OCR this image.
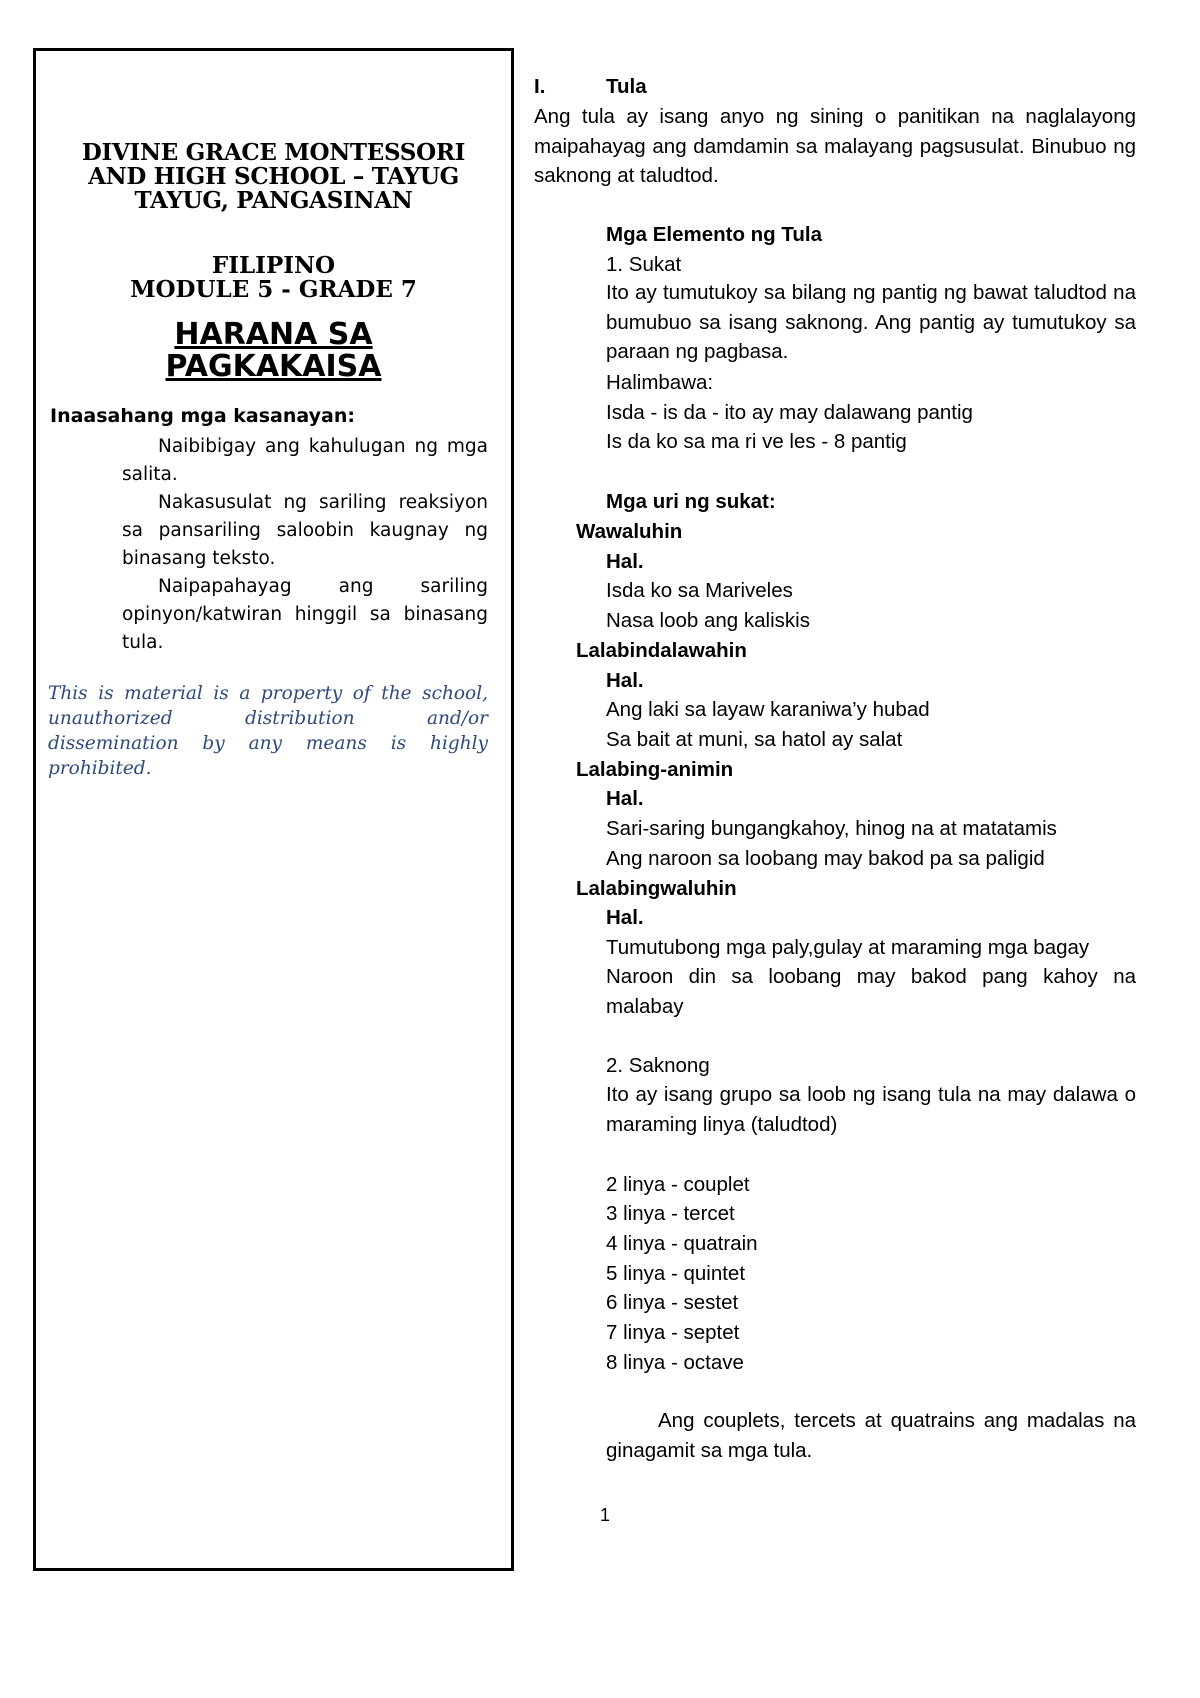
DIVINE GRACE MONTESSORI
AND HIGH SCHOOL – TAYUG
TAYUG, PANGASINAN
FILIPINO
MODULE 5 - GRADE 7
HARANA SA
PAGKAKAISA
Inaasahang mga kasanayan:

Naibibigay ang kahulugan ng mga salita.

Nakasusulat ng sariling reaksiyon sa pansariling saloobin kaugnay ng binasang teksto.

Naipapahayag ang sariling opinyon/katwiran hinggil sa binasang tula.

This is material is a property of the school, unauthorized distribution and/or dissemination by any means is highly prohibited.
I.	Tula
Ang tula ay isang anyo ng sining o panitikan na naglalayong maipahayag ang damdamin sa malayang pagsusulat. Binubuo ng saknong at taludtod.
Mga Elemento ng Tula
1. Sukat
Ito ay tumutukoy sa bilang ng pantig ng bawat taludtod na bumubuo sa isang saknong. Ang pantig ay tumutukoy sa paraan ng pagbasa.
Halimbawa:
Isda - is da - ito ay may dalawang pantig
Is da ko sa ma ri ve les - 8 pantig
Mga uri ng sukat:
Wawaluhin
Hal.
Isda ko sa Mariveles
Nasa loob ang kaliskis
Lalabindalawahin
Hal.
Ang laki sa layaw karaniwa’y hubad
Sa bait at muni, sa hatol ay salat
Lalabing-animin
Hal.
Sari-saring bungangkahoy, hinog na at matatamis
Ang naroon sa loobang may bakod pa sa paligid
Lalabingwaluhin
Hal.
Tumutubong mga paly,gulay at maraming mga bagay
Naroon din sa loobang may bakod pang kahoy na malabay
2. Saknong
Ito ay isang grupo sa loob ng isang tula na may dalawa o maraming linya (taludtod)
2 linya - couplet
3 linya - tercet
4 linya - quatrain
5 linya - quintet
6 linya - sestet
7 linya - septet
8 linya - octave
Ang couplets, tercets at quatrains ang madalas na ginagamit sa mga tula.
1
